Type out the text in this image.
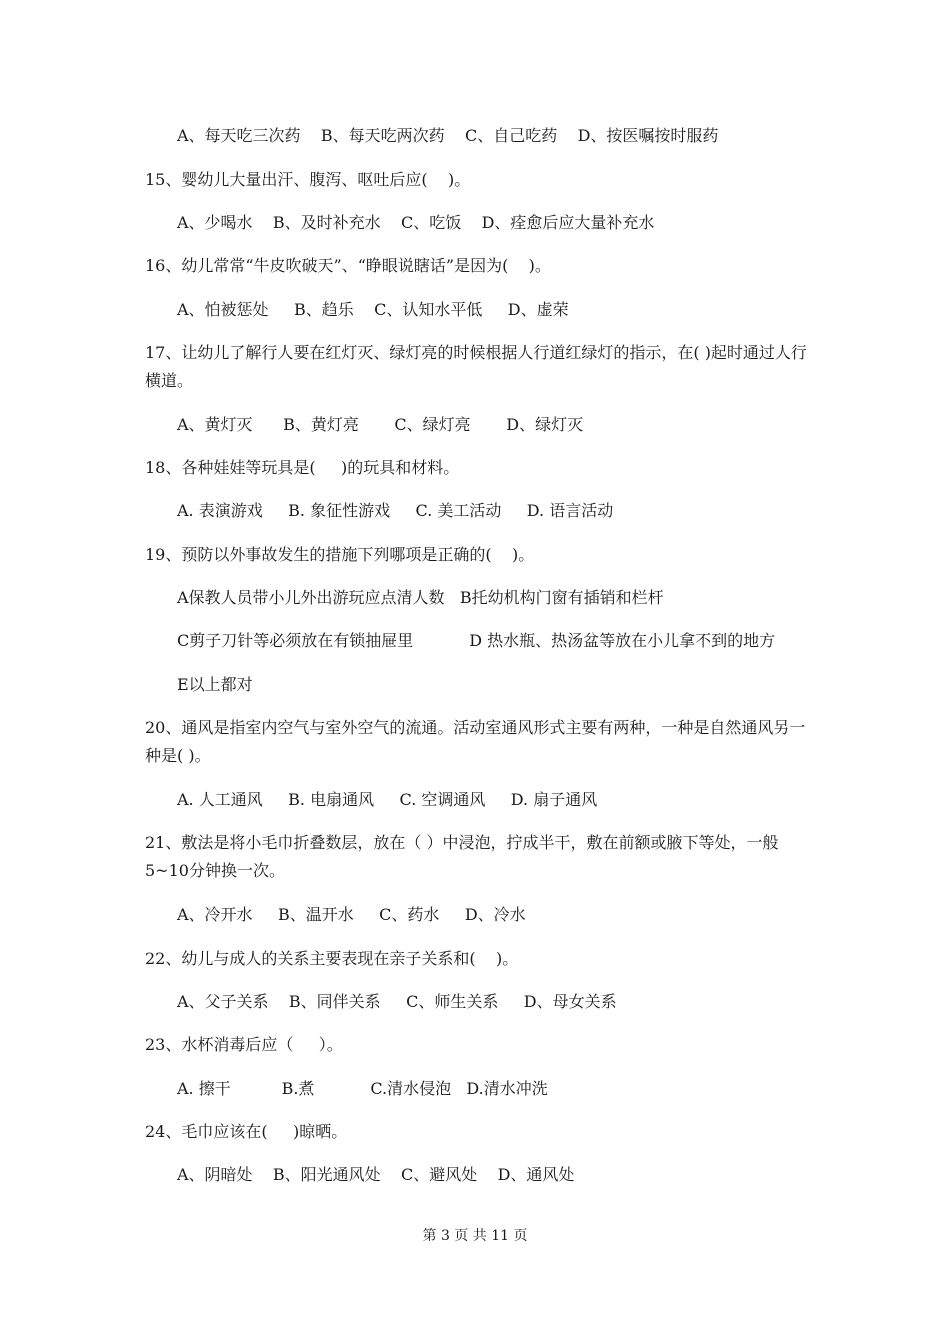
A、每天吃三次药    B、每天吃两次药    C、自己吃药    D、按医嘱按时服药
15、婴幼儿大量出汗、腹泻、呕吐后应(    )。
A、少喝水    B、及时补充水    C、吃饭    D、痊愈后应大量补充水
16、幼儿常常“牛皮吹破天”、“睁眼说瞎话”是因为(    )。
A、怕被惩处     B、趋乐    C、认知水平低     D、虚荣
17、让幼儿了解行人要在红灯灭、绿灯亮的时候根据人行道红绿灯的指示，在( )起时通过人行横道。
A、黄灯灭      B、黄灯亮       C、绿灯亮       D、绿灯灭
18、各种娃娃等玩具是(     )的玩具和材料。
A. 表演游戏     B. 象征性游戏     C. 美工活动     D. 语言活动
19、预防以外事故发生的措施下列哪项是正确的(    )。
A保教人员带小儿外出游玩应点清人数   B托幼机构门窗有插销和栏杆
C剪子刀针等必须放在有锁抽屉里           D 热水瓶、热汤盆等放在小儿拿不到的地方
E以上都对
20、通风是指室内空气与室外空气的流通。活动室通风形式主要有两种，一种是自然通风另一种是( )。
A. 人工通风     B. 电扇通风     C. 空调通风     D. 扇子通风
21、敷法是将小毛巾折叠数层，放在（ ）中浸泡，拧成半干，敷在前额或腋下等处，一般5~10分钟换一次。
A、冷开水     B、温开水     C、药水     D、冷水
22、幼儿与成人的关系主要表现在亲子关系和(    )。
A、父子关系    B、同伴关系     C、师生关系     D、母女关系
23、水杯消毒后应（     ）。
A. 擦干          B.煮           C.清水侵泡   D.清水冲洗
24、毛巾应该在(     )晾晒。
A、阴暗处    B、阳光通风处    C、避风处    D、通风处
第 3 页 共 11 页
